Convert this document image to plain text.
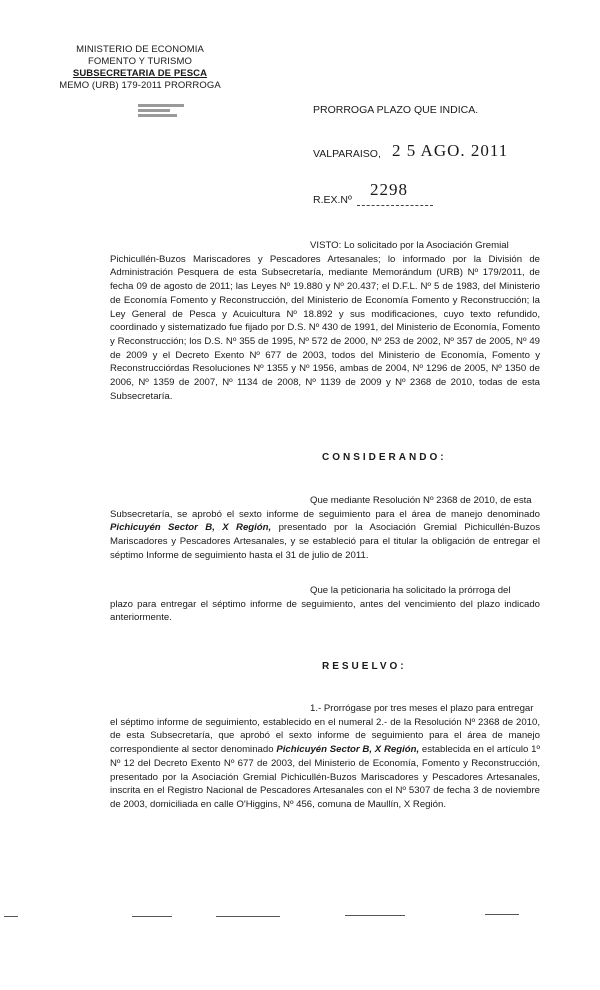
MINISTERIO DE ECONOMIA
FOMENTO Y TURISMO
SUBSECRETARIA DE PESCA
MEMO (URB) 179-2011 PRORROGA
PRORROGA PLAZO QUE INDICA.
VALPARAISO, 2 5 AGO. 2011
R.EX.Nº
2298
VISTO: Lo solicitado por la Asociación Gremial
Pichicullén-Buzos Mariscadores y Pescadores Artesanales; lo informado por la División de Administración Pesquera de esta Subsecretaría, mediante Memorándum (URB) Nº 179/2011, de fecha 09 de agosto de 2011; las Leyes Nº 19.880 y Nº 20.437; el D.F.L. Nº 5 de 1983, del Ministerio de Economía Fomento y Reconstrucción, del Ministerio de Economía Fomento y Reconstrucción; la Ley General de Pesca y Acuicultura Nº 18.892 y sus modificaciones, cuyo texto refundido, coordinado y sistematizado fue fijado por D.S. Nº 430 de 1991, del Ministerio de Economía, Fomento y Reconstrucción; los D.S. Nº 355 de 1995, Nº 572 de 2000, Nº 253 de 2002, Nº 357 de 2005, Nº 49 de 2009 y el Decreto Exento Nº 677 de 2003, todos del Ministerio de Economía, Fomento y Reconstrucciórdas Resoluciones Nº 1355 y Nº 1956, ambas de 2004, Nº 1296 de 2005, Nº 1350 de 2006, Nº 1359 de 2007, Nº 1134 de 2008, Nº 1139 de 2009 y Nº 2368 de 2010, todas de esta Subsecretaría.
CONSIDERANDO:
Que mediante Resolución Nº 2368 de 2010, de esta
Subsecretaría, se aprobó el sexto informe de seguimiento para el área de manejo denominado Pichicuyén Sector B, X Región, presentado por la Asociación Gremial Pichicullén-Buzos Mariscadores y Pescadores Artesanales, y se estableció para el titular la obligación de entregar el séptimo Informe de seguimiento hasta el 31 de julio de 2011.
Que la peticionaria ha solicitado la prórroga del
plazo para entregar el séptimo informe de seguimiento, antes del vencimiento del plazo indicado anteriormente.
RESUELVO:
1.- Prorrógase por tres meses el plazo para entregar
el séptimo informe de seguimiento, establecido en el numeral 2.- de la Resolución Nº 2368 de 2010, de esta Subsecretaría, que aprobó el sexto informe de seguimiento para el área de manejo correspondiente al sector denominado Pichicuyén Sector B, X Región, establecida en el artículo 1º Nº 12 del Decreto Exento Nº 677 de 2003, del Ministerio de Economía, Fomento y Reconstrucción, presentado por la Asociación Gremial Pichicullén-Buzos Mariscadores y Pescadores Artesanales, inscrita en el Registro Nacional de Pescadores Artesanales con el Nº 5307 de fecha 3 de noviembre de 2003, domiciliada en calle O'Higgins, Nº 456, comuna de Maullín, X Región.
